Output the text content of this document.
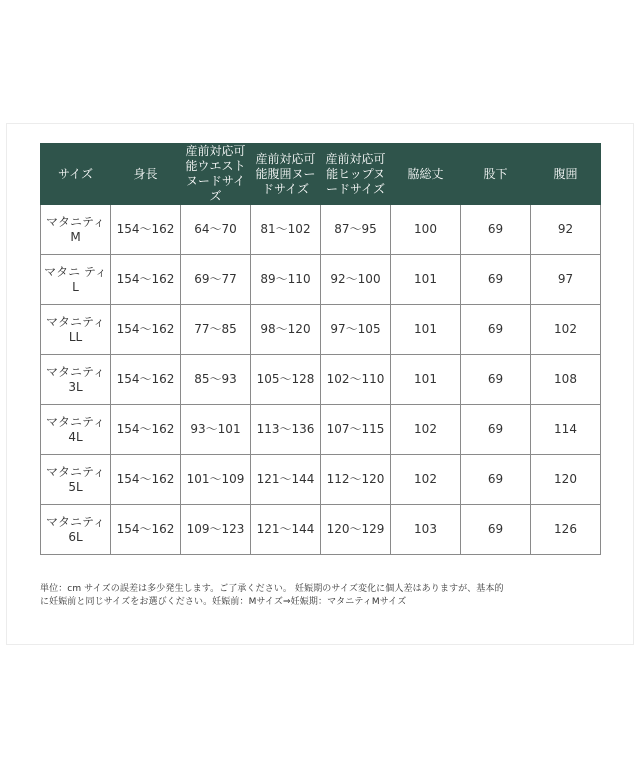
サイズ	身長	産前対応可能ウエストヌードサイズ	産前対応可能腹囲ヌードサイズ	産前対応可能ヒップヌードサイズ	脇総丈	股下	腹囲
マタニティM	154〜162	64〜70	81〜102	87〜95	100	69	92
マタニ ティL	154〜162	69〜77	89〜110	92〜100	101	69	97
マタニティLL	154〜162	77〜85	98〜120	97〜105	101	69	102
マタニティ3L	154〜162	85〜93	105〜128	102〜110	101	69	108
マタニティ4L	154〜162	93〜101	113〜136	107〜115	102	69	114
マタニティ5L	154〜162	101〜109	121〜144	112〜120	102	69	120
マタニティ6L	154〜162	109〜123	121〜144	120〜129	103	69	126
単位：cm サイズの誤差は多少発生します。ご了承ください。 妊娠期のサイズ変化に個人差はありますが、基本的
に妊娠前と同じサイズをお選びください。妊娠前：Mサイズ⇒妊娠期：マタニティMサイズ
